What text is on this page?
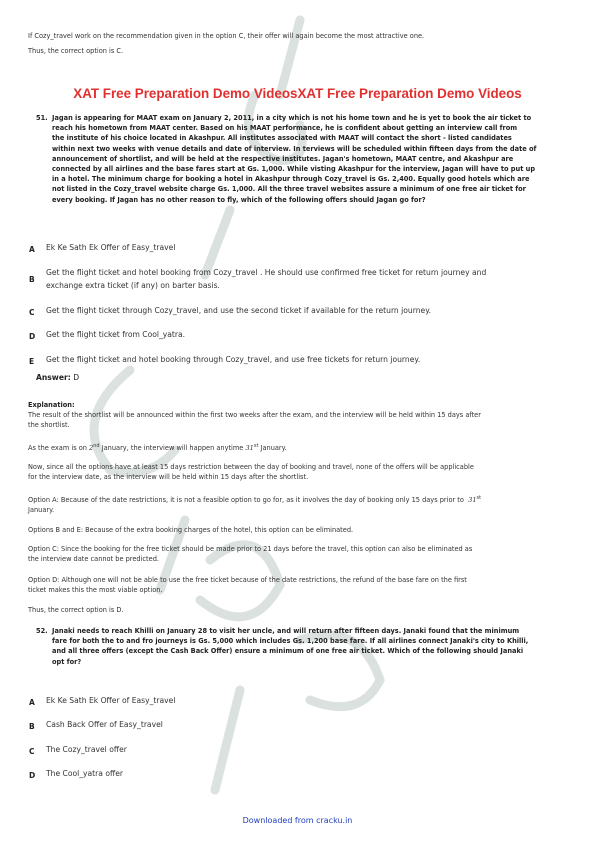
If Cozy_travel work on the recommendation given in the option C, their offer will again become the most attractive one.
Thus, the correct option is C.
XAT Free Preparation Demo VideosXAT Free Preparation Demo Videos
51. Jagan is appearing for MAAT exam on January 2, 2011, in a city which is not his home town and he is yet to book the air ticket to
reach his hometown from MAAT center. Based on his MAAT performance, he is confident about getting an interview call from
the institute of his choice located in Akashpur. All institutes associated with MAAT will contact the short - listed candidates
within next two weeks with venue details and date of interview. In terviews will be scheduled within fifteen days from the date of
announcement of shortlist, and will be held at the respective institutes. Jagan's hometown, MAAT centre, and Akashpur are
connected by all airlines and the base fares start at Gs. 1,000. While visting Akashpur for the interview, Jagan will have to put up
in a hotel. The minimum charge for booking a hotel in Akashpur through Cozy_travel is Gs. 2,400. Equally good hotels which are
not listed in the Cozy_travel website charge Gs. 1,000. All the three travel websites assure a minimum of one free air ticket for
every booking. If Jagan has no other reason to fly, which of the following offers should Jagan go for?
A Ek Ke Sath Ek Offer of Easy_travel
B
Get the flight ticket and hotel booking from Cozy_travel . He should use confirmed free ticket for return journey and
exchange extra ticket (if any) on barter basis.
C Get the flight ticket through Cozy_travel, and use the second ticket if available for the return journey.
D Get the flight ticket from Cool_yatra.
E Get the flight ticket and hotel booking through Cozy_travel, and use free tickets for return journey.
Answer: D
Explanation:
The result of the shortlist will be announced within the first two weeks after the exam, and the interview will be held within 15 days after
the shortlist.
As the exam is on 2nd January, the interview will happen anytime 31st January.
Now, since all the options have at least 15 days restriction between the day of booking and travel, none of the offers will be applicable
for the interview date, as the interview will be held within 15 days after the shortlist.
Option A: Because of the date restrictions, it is not a feasible option to go for, as it involves the day of booking only 15 days prior to 31st
January.
Options B and E: Because of the extra booking charges of the hotel, this option can be eliminated.
Option C: Since the booking for the free ticket should be made prior to 21 days before the travel, this option can also be eliminated as
the interview date cannot be predicted.
Option D: Although one will not be able to use the free ticket because of the date restrictions, the refund of the base fare on the first
ticket makes this the most viable option.
Thus, the correct option is D.
52. Janaki needs to reach Khilli on January 28 to visit her uncle, and will return after fifteen days. Janaki found that the minimum
fare for both the to and fro journeys is Gs. 5,000 which includes Gs. 1,200 base fare. If all airlines connect Janaki's city to Khilli,
and all three offers (except the Cash Back Offer) ensure a minimum of one free air ticket. Which of the following should Janaki
opt for?
A Ek Ke Sath Ek Offer of Easy_travel
B Cash Back Offer of Easy_travel
C The Cozy_travel offer
D The Cool_yatra offer
Downloaded from cracku.in
